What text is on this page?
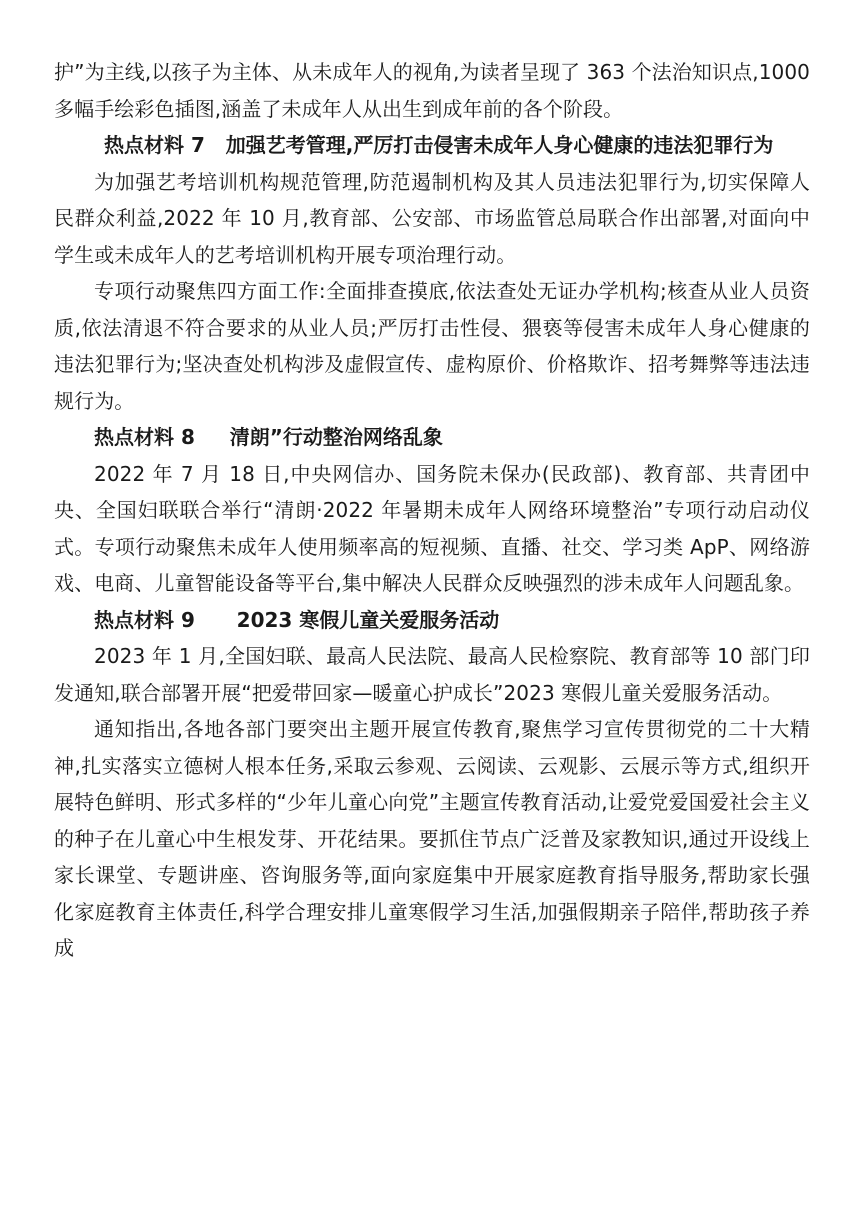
护”为主线,以孩子为主体、从未成年人的视角,为读者呈现了 363 个法治知识点,1000多幅手绘彩色插图,涵盖了未成年人从出生到成年前的各个阶段。

热点材料 7   加强艺考管理,严厉打击侵害未成年人身心健康的违法犯罪行为

为加强艺考培训机构规范管理,防范遏制机构及其人员违法犯罪行为,切实保障人民群众利益,2022 年 10 月,教育部、公安部、市场监管总局联合作出部署,对面向中学生或未成年人的艺考培训机构开展专项治理行动。

专项行动聚焦四方面工作:全面排查摸底,依法查处无证办学机构;核查从业人员资质,依法清退不符合要求的从业人员;严厉打击性侵、猥亵等侵害未成年人身心健康的违法犯罪行为;坚决查处机构涉及虚假宣传、虚构原价、价格欺诈、招考舞弊等违法违规行为。

热点材料 8     清朗”行动整治网络乱象

2022 年 7 月 18 日,中央网信办、国务院未保办(民政部)、教育部、共青团中央、全国妇联联合举行“清朗·2022 年暑期未成年人网络环境整治”专项行动启动仪式。专项行动聚焦未成年人使用频率高的短视频、直播、社交、学习类 ApP、网络游戏、电商、儿童智能设备等平台,集中解决人民群众反映强烈的涉未成年人问题乱象。

热点材料 9      2023 寒假儿童关爱服务活动

2023 年 1 月,全国妇联、最高人民法院、最高人民检察院、教育部等 10 部门印发通知,联合部署开展“把爱带回家—暖童心护成长”2023 寒假儿童关爱服务活动。

通知指出,各地各部门要突出主题开展宣传教育,聚焦学习宣传贯彻党的二十大精神,扎实落实立德树人根本任务,采取云参观、云阅读、云观影、云展示等方式,组织开展特色鲜明、形式多样的“少年儿童心向党”主题宣传教育活动,让爱党爱国爱社会主义的种子在儿童心中生根发芽、开花结果。要抓住节点广泛普及家教知识,通过开设线上家长课堂、专题讲座、咨询服务等,面向家庭集中开展家庭教育指导服务,帮助家长强化家庭教育主体责任,科学合理安排儿童寒假学习生活,加强假期亲子陪伴,帮助孩子养成
